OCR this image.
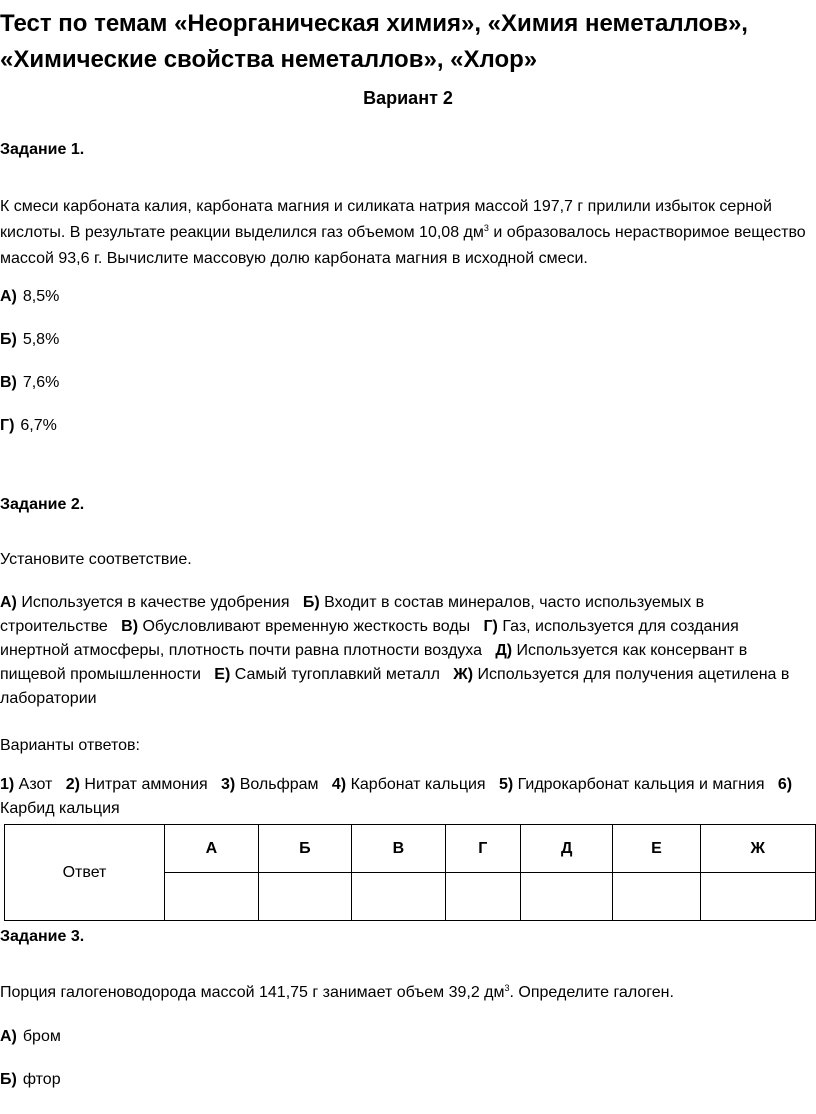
Тест по темам «Неорганическая химия», «Химия неметаллов»,
«Химические свойства неметаллов», «Хлор»
Вариант 2
Задание 1.
К смеси карбоната калия, карбоната магния и силиката натрия массой 197,7 г прилили избыток серной
кислоты. В результате реакции выделился газ объемом 10,08 $дм^3$ и образовалось нерастворимое вещество
массой 93,6 г. Вычислите массовую долю карбоната магния в исходной смеси.
А) 8,5%
Б) 5,8%
В) 7,6%
Г) 6,7%
Задание 2.
Установите соответствие.
А) Используется в качестве удобрения   Б) Входит в состав минералов, часто используемых в
строительстве   В) Обусловливают временную жесткость воды   Г) Газ, используется для создания
инертной атмосферы, плотность почти равна плотности воздуха   Д) Используется как консервант в
пищевой промышленности   Е) Самый тугоплавкий металл   Ж) Используется для получения ацетилена в
лаборатории
Варианты ответов:
1) Азот   2) Нитрат аммония   3) Вольфрам   4) Карбонат кальция   5) Гидрокарбонат кальция и магния   6)
Карбид кальция
Ответ	А	Б	В	Г	Д	Е	Ж

Задание 3.
Порция галогеноводорода массой 141,75 г занимает объем 39,2 $дм^3$. Определите галоген.
А) бром
Б) фтор
